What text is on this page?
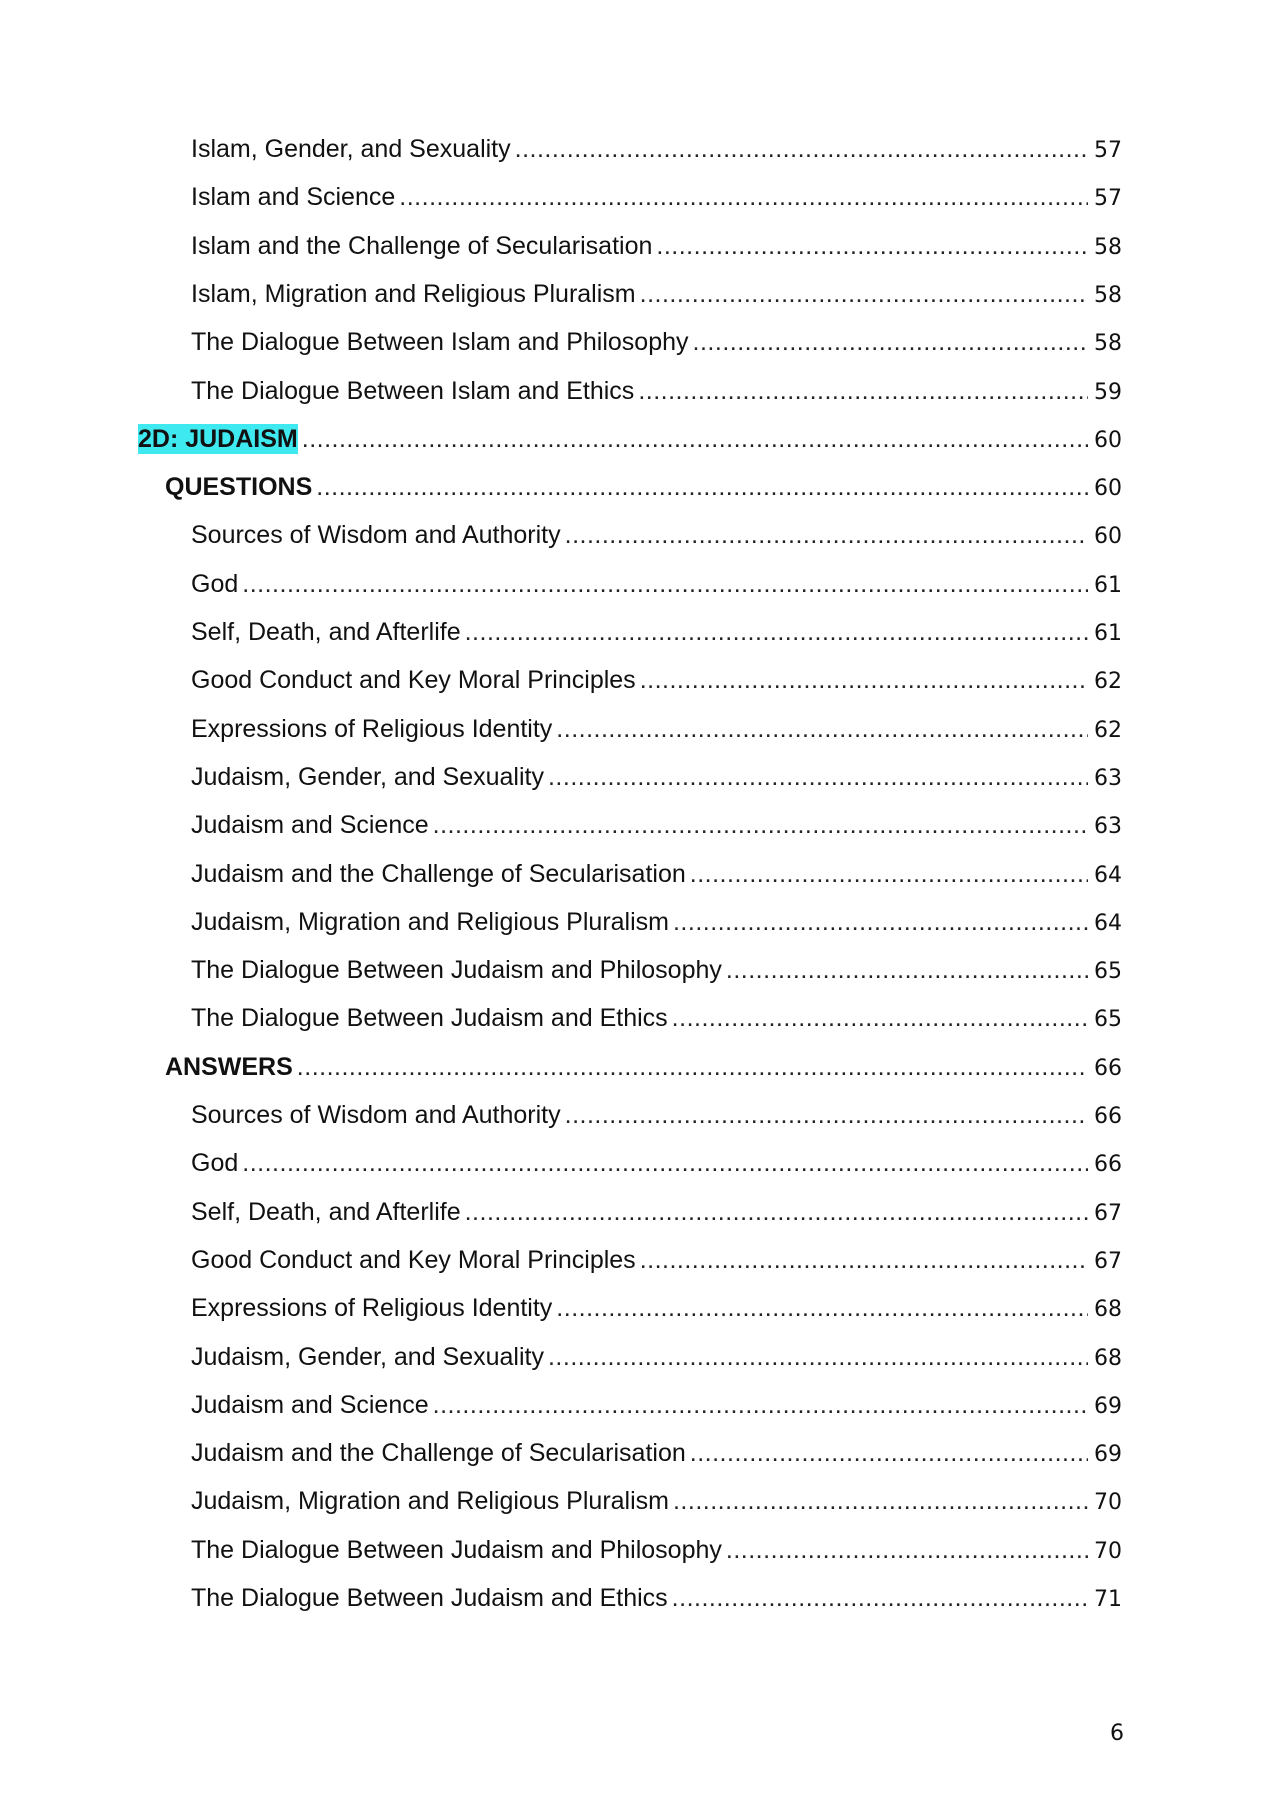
Islam, Gender, and Sexuality .....	57
Islam and Science .....	57
Islam and the Challenge of Secularisation .....	58
Islam, Migration and Religious Pluralism .....	58
The Dialogue Between Islam and Philosophy .....	58
The Dialogue Between Islam and Ethics .....	59
2D: JUDAISM .....	60
QUESTIONS .....	60
Sources of Wisdom and Authority .....	60
God .....	61
Self, Death, and Afterlife .....	61
Good Conduct and Key Moral Principles .....	62
Expressions of Religious Identity .....	62
Judaism, Gender, and Sexuality .....	63
Judaism and Science .....	63
Judaism and the Challenge of Secularisation .....	64
Judaism, Migration and Religious Pluralism .....	64
The Dialogue Between Judaism and Philosophy .....	65
The Dialogue Between Judaism and Ethics .....	65
ANSWERS .....	66
Sources of Wisdom and Authority .....	66
God .....	66
Self, Death, and Afterlife .....	67
Good Conduct and Key Moral Principles .....	67
Expressions of Religious Identity .....	68
Judaism, Gender, and Sexuality .....	68
Judaism and Science .....	69
Judaism and the Challenge of Secularisation .....	69
Judaism, Migration and Religious Pluralism .....	70
The Dialogue Between Judaism and Philosophy .....	70
The Dialogue Between Judaism and Ethics .....	71
6
